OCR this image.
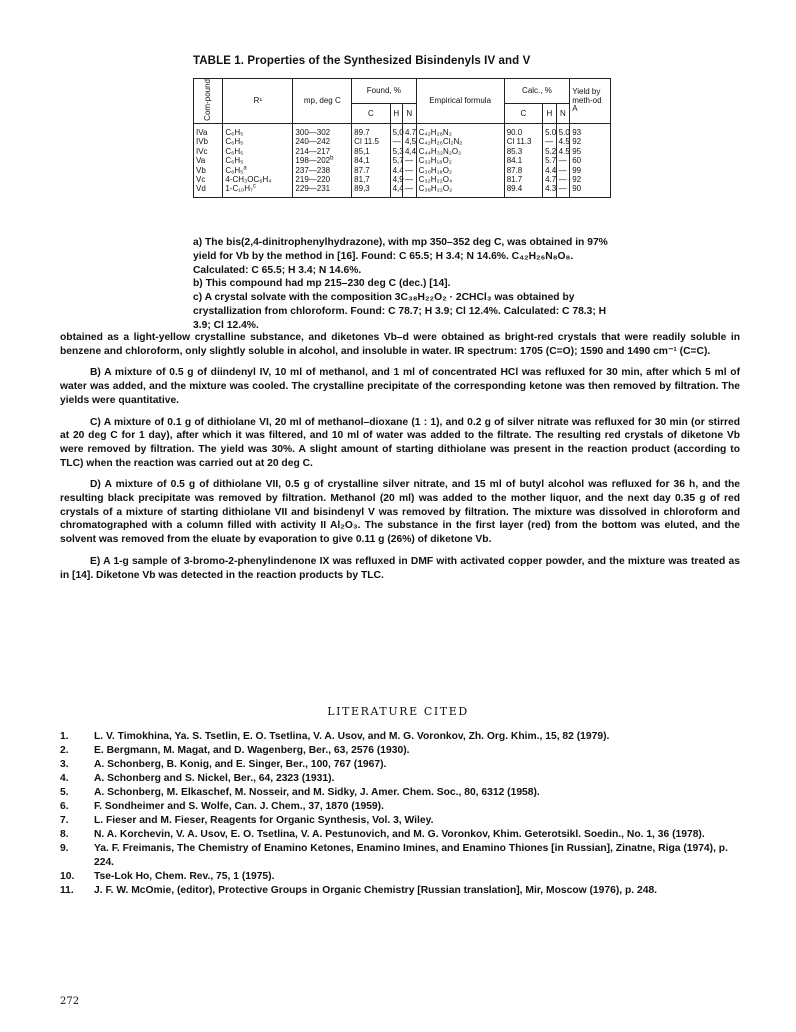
TABLE 1. Properties of the Synthesized Bisindenyls IV and V
Com-pound	R¹	mp, deg C	Found, %			Empirical formula	Calc., %			Yield by meth-od A
			C	H	N		C	H	N	
IVa	C₆H₅	300—302	89.7	5,0	4.7	C₄₂H₂₈N₂	90.0	5.0	5.0	93
IVb	C₆H₅	240—242	Cl 11.5	—	4,5	C₄₂H₂₆Cl₂N₂	Cl 11.3	—	4.5	92
IVc	C₆H₅	214—217	85,1	5,3	4,4	C₄₄H₃₂N₂O₂	85.3	5.2	4.5	95
Va	C₆H₅	198—202$^b$	84,1	5,7	—	C₃₂H₁₈O₂	84.1	5.7	—	60
Vb	C₆H₅$^a$	237—238	87.7	4.4	—	C₃₀H₁₈O₂	87.8	4.4	—	99
Vc	4-CH₃OC₆H₄	219—220	81,7	4,9	—	C₃₂H₂₂O₄	81.7	4.7	—	92
Vd	1-C₁₀H₇$^c$	229—231	89,3	4,4	—	C₃₈H₂₂O₂	89.4	4.3	—	90

a) The bis(2,4-dinitrophenylhydrazone), with mp 350–352 deg C, was obtained in 97% yield for Vb by the method in [16]. Found: C 65.5; H 3.4; N 14.6%. C₄₂H₂₆N₈O₈. Calculated: C 65.5; H 3.4; N 14.6%.

b) This compound had mp 215–230 deg C (dec.) [14].

c) A crystal solvate with the composition 3C₃₈H₂₂O₂ · 2CHCl₃ was obtained by crystallization from chloroform. Found: C 78.7; H 3.9; Cl 12.4%. Calculated: C 78.3; H 3.9; Cl 12.4%.

obtained as a light-yellow crystalline substance, and diketones Vb–d were obtained as bright-red crystals that were readily soluble in benzene and chloroform, only slightly soluble in alcohol, and insoluble in water. IR spectrum: 1705 (C=O); 1590 and 1490 cm⁻¹ (C=C).

B) A mixture of 0.5 g of diindenyl IV, 10 ml of methanol, and 1 ml of concentrated HCl was refluxed for 30 min, after which 5 ml of water was added, and the mixture was cooled. The crystalline precipitate of the corresponding ketone was then removed by filtration. The yields were quantitative.

C) A mixture of 0.1 g of dithiolane VI, 20 ml of methanol–dioxane (1 : 1), and 0.2 g of silver nitrate was refluxed for 30 min (or stirred at 20 deg C for 1 day), after which it was filtered, and 10 ml of water was added to the filtrate. The resulting red crystals of diketone Vb were removed by filtration. The yield was 30%. A slight amount of starting dithiolane was present in the reaction product (according to TLC) when the reaction was carried out at 20 deg C.

D) A mixture of 0.5 g of dithiolane VII, 0.5 g of crystalline silver nitrate, and 15 ml of butyl alcohol was refluxed for 36 h, and the resulting black precipitate was removed by filtration. Methanol (20 ml) was added to the mother liquor, and the next day 0.35 g of red crystals of a mixture of starting dithiolane VII and bisindenyl V was removed by filtration. The mixture was dissolved in chloroform and chromatographed with a column filled with activity II Al₂O₃. The substance in the first layer (red) from the bottom was eluted, and the solvent was removed from the eluate by evaporation to give 0.11 g (26%) of diketone Vb.

E) A 1-g sample of 3-bromo-2-phenylindenone IX was refluxed in DMF with activated copper powder, and the mixture was treated as in [14]. Diketone Vb was detected in the reaction products by TLC.

LITERATURE CITED
1.	L. V. Timokhina, Ya. S. Tsetlin, E. O. Tsetlina, V. A. Usov, and M. G. Voronkov, Zh. Org. Khim., 15, 82 (1979).
2.	E. Bergmann, M. Magat, and D. Wagenberg, Ber., 63, 2576 (1930).
3.	A. Schonberg, B. Konig, and E. Singer, Ber., 100, 767 (1967).
4.	A. Schonberg and S. Nickel, Ber., 64, 2323 (1931).
5.	A. Schonberg, M. Elkaschef, M. Nosseir, and M. Sidky, J. Amer. Chem. Soc., 80, 6312 (1958).
6.	F. Sondheimer and S. Wolfe, Can. J. Chem., 37, 1870 (1959).
7.	L. Fieser and M. Fieser, Reagents for Organic Synthesis, Vol. 3, Wiley.
8.	N. A. Korchevin, V. A. Usov, E. O. Tsetlina, V. A. Pestunovich, and M. G. Voronkov, Khim. Geterotsikl. Soedin., No. 1, 36 (1978).
9.	Ya. F. Freimanis, The Chemistry of Enamino Ketones, Enamino Imines, and Enamino Thiones [in Russian], Zinatne, Riga (1974), p. 224.
10.	Tse-Lok Ho, Chem. Rev., 75, 1 (1975).
11.	J. F. W. McOmie, (editor), Protective Groups in Organic Chemistry [Russian translation], Mir, Moscow (1976), p. 248.
272
